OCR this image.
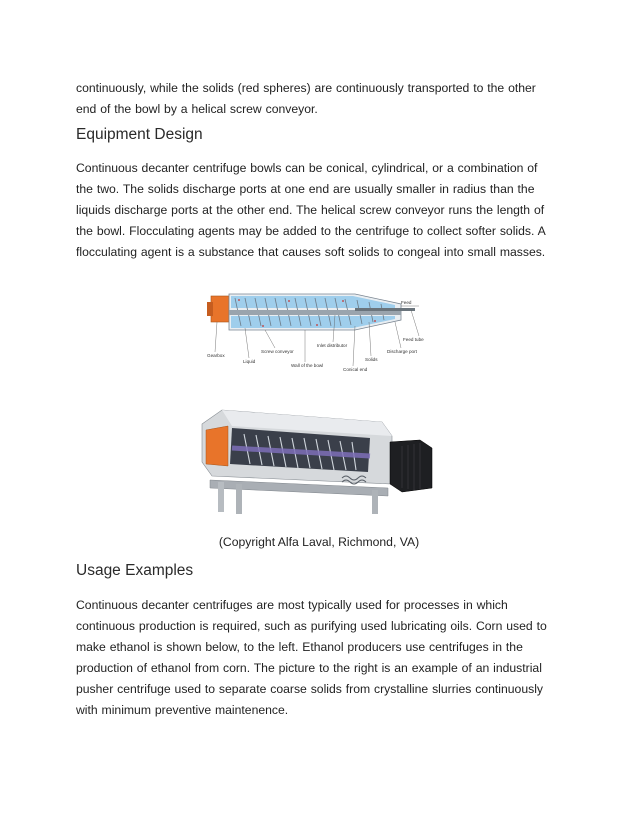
continuously, while the solids (red spheres) are continuously transported to the other end of the bowl by a helical screw conveyor.

Equipment Design

Continuous decanter centrifuge bowls can be conical, cylindrical, or a combination of the two. The solids discharge ports at one end are usually smaller in radius than the liquids discharge ports at the other end. The helical screw conveyor runs the length of the bowl. Flocculating agents may be added to the centrifuge to collect softer solids. A flocculating agent is a substance that causes soft solids to congeal into small masses.

Feed
Feed tube
Discharge port
Gearbox
Screw conveyor
Inlet distributor
Liquid
Wall of the bowl
Solids
Conical end
(Copyright Alfa Laval, Richmond, VA)
Usage Examples

Continuous decanter centrifuges are most typically used for processes in which continuous production is required, such as purifying used lubricating oils. Corn used to make ethanol is shown below, to the left. Ethanol producers use centrifuges in the production of ethanol from corn. The picture to the right is an example of an industrial pusher centrifuge used to separate coarse solids from crystalline slurries continuously with minimum preventive maintenence.
